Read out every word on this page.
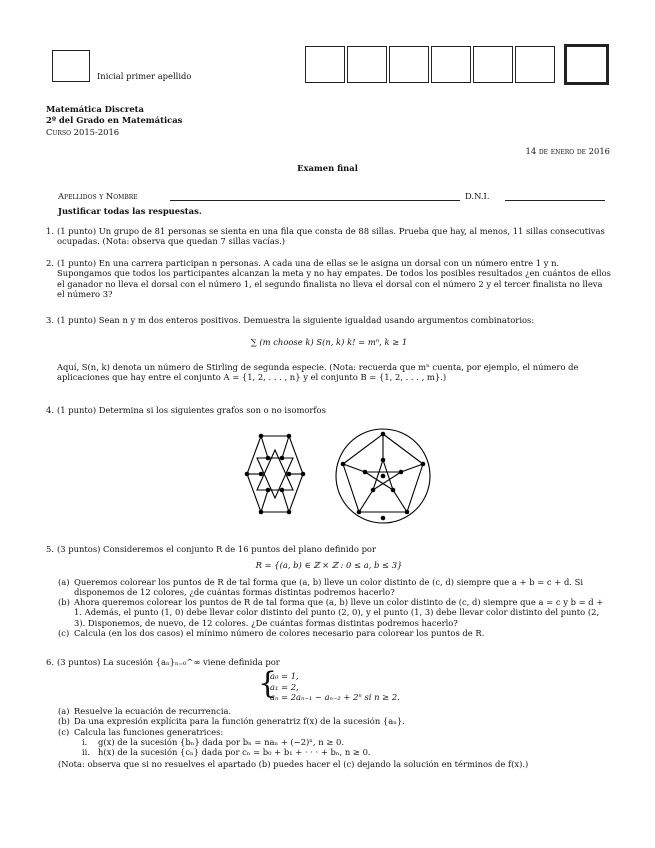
Inicial primer apellido
Matemática Discreta
2º del Grado en Matemáticas
Curso 2015-2016
14 de enero de 2016
Examen final
Apellidos y Nombre	D.N.I.
Justificar todas las respuestas.
1. (1 punto) Un grupo de 81 personas se sienta en una fila que consta de 88 sillas. Prueba que hay, al menos, 11 sillas consecutivas ocupadas. (Nota: observa que quedan 7 sillas vacías.)
2. (1 punto) En una carrera participan n personas. A cada una de ellas se le asigna un dorsal con un número entre 1 y n. Supongamos que todos los participantes alcanzan la meta y no hay empates. De todos los posibles resultados ¿en cuántos de ellos el ganador no lleva el dorsal con el número 1, el segundo finalista no lleva el dorsal con el número 2 y el tercer finalista no lleva el número 3?
3. (1 punto) Sean n y m dos enteros positivos. Demuestra la siguiente igualdad usando argumentos combinatorios:
∑ (m choose k) S(n, k) k! = mⁿ, k ≥ 1
Aquí, S(n, k) denota un número de Stirling de segunda especie. (Nota: recuerda que mⁿ cuenta, por ejemplo, el número de aplicaciones que hay entre el conjunto A = {1, 2, . . . , n} y el conjunto B = {1, 2, . . . , m}.)
4. (1 punto) Determina si los siguientes grafos son o no isomorfos
5. (3 puntos) Consideremos el conjunto R de 16 puntos del plano definido por
R = {(a, b) ∈ ℤ × ℤ : 0 ≤ a, b ≤ 3}
(a) Queremos colorear los puntos de R de tal forma que (a, b) lleve un color distinto de (c, d) siempre que a + b = c + d. Si disponemos de 12 colores, ¿de cuántas formas distintas podremos hacerlo?
(b) Ahora queremos colorear los puntos de R de tal forma que (a, b) lleve un color distinto de (c, d) siempre que a = c y b = d + 1. Además, el punto (1, 0) debe llevar color distinto del punto (2, 0), y el punto (1, 3) debe llevar color distinto del punto (2, 3). Disponemos, de nuevo, de 12 colores. ¿De cuántas formas distintas podremos hacerlo?
(c) Calcula (en los dos casos) el mínimo número de colores necesario para colorear los puntos de R.
6. (3 puntos) La sucesión {aₙ}ₙ₌₀^∞ viene definida por
{
a₀ = 1,
a₁ = 2,
aₙ = 2aₙ₋₁ − aₙ₋₂ + 2ⁿ si n ≥ 2.
(a) Resuelve la ecuación de recurrencia.
(b) Da una expresión explícita para la función generatriz f(x) de la sucesión {aₙ}.
(c) Calcula las funciones generatrices:
i. g(x) de la sucesión {bₙ} dada por bₙ = naₙ + (−2)ⁿ, n ≥ 0.
ii. h(x) de la sucesión {cₙ} dada por cₙ = b₀ + b₁ + · · · + bₙ, n ≥ 0.
(Nota: observa que si no resuelves el apartado (b) puedes hacer el (c) dejando la solución en términos de f(x).)
